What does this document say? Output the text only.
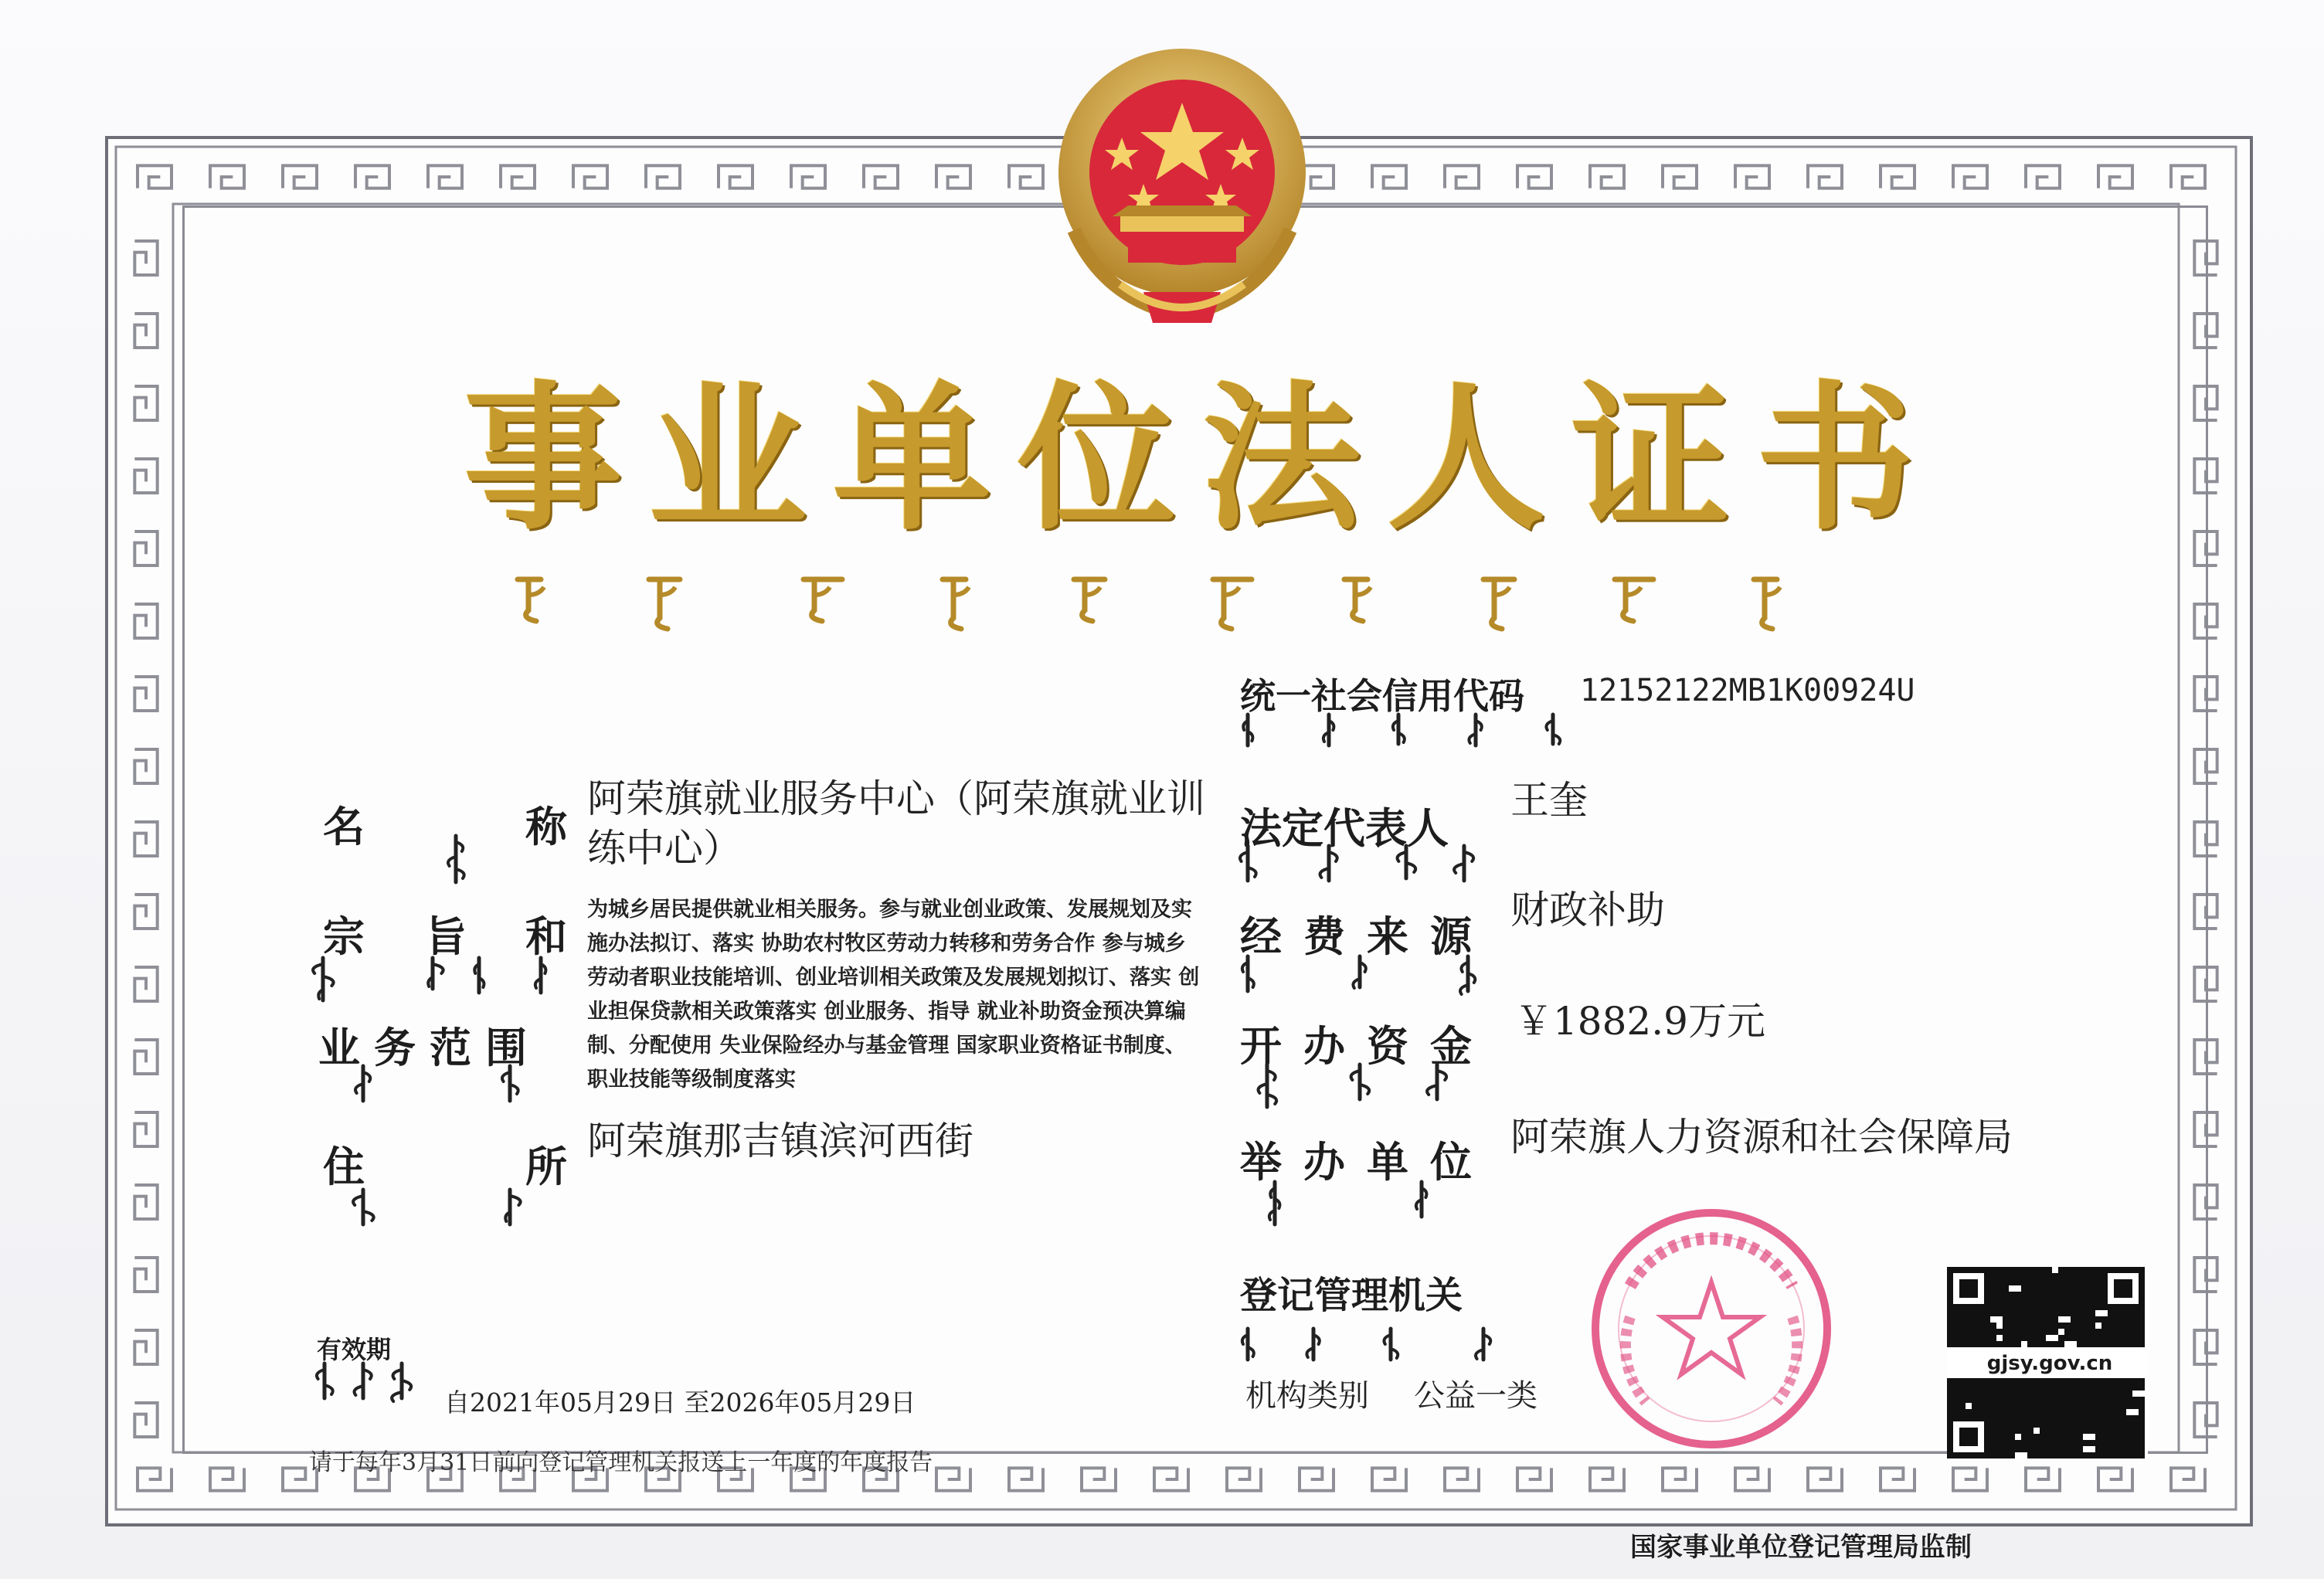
事业单位法人证书
统一社会信用代码 12152122MB1K00924U
名	称
阿荣旗就业服务中心（阿荣旗就业训练中心）
宗 旨 和
业务范围
为城乡居民提供就业相关服务。参与就业创业政策、发展规划及实施办法拟订、落实 协助农村牧区劳动力转移和劳务合作 参与城乡劳动者职业技能培训、创业培训相关政策及发展规划拟订、落实 创业担保贷款相关政策落实 创业服务、指导 就业补助资金预决算编制、分配使用 失业保险经办与基金管理 国家职业资格证书制度、职业技能等级制度落实
住	所
阿荣旗那吉镇滨河西街
法定代表人
王奎
经费来源
财政补助
开办资金
￥1882.9万元
举办单位
阿荣旗人力资源和社会保障局
登记管理机关
机构类别 公益一类
有效期
自2021年05月29日 至2026年05月29日
请于每年3月31日前向登记管理机关报送上一年度的年度报告
国家事业单位登记管理局监制
gjsy.gov.cn
